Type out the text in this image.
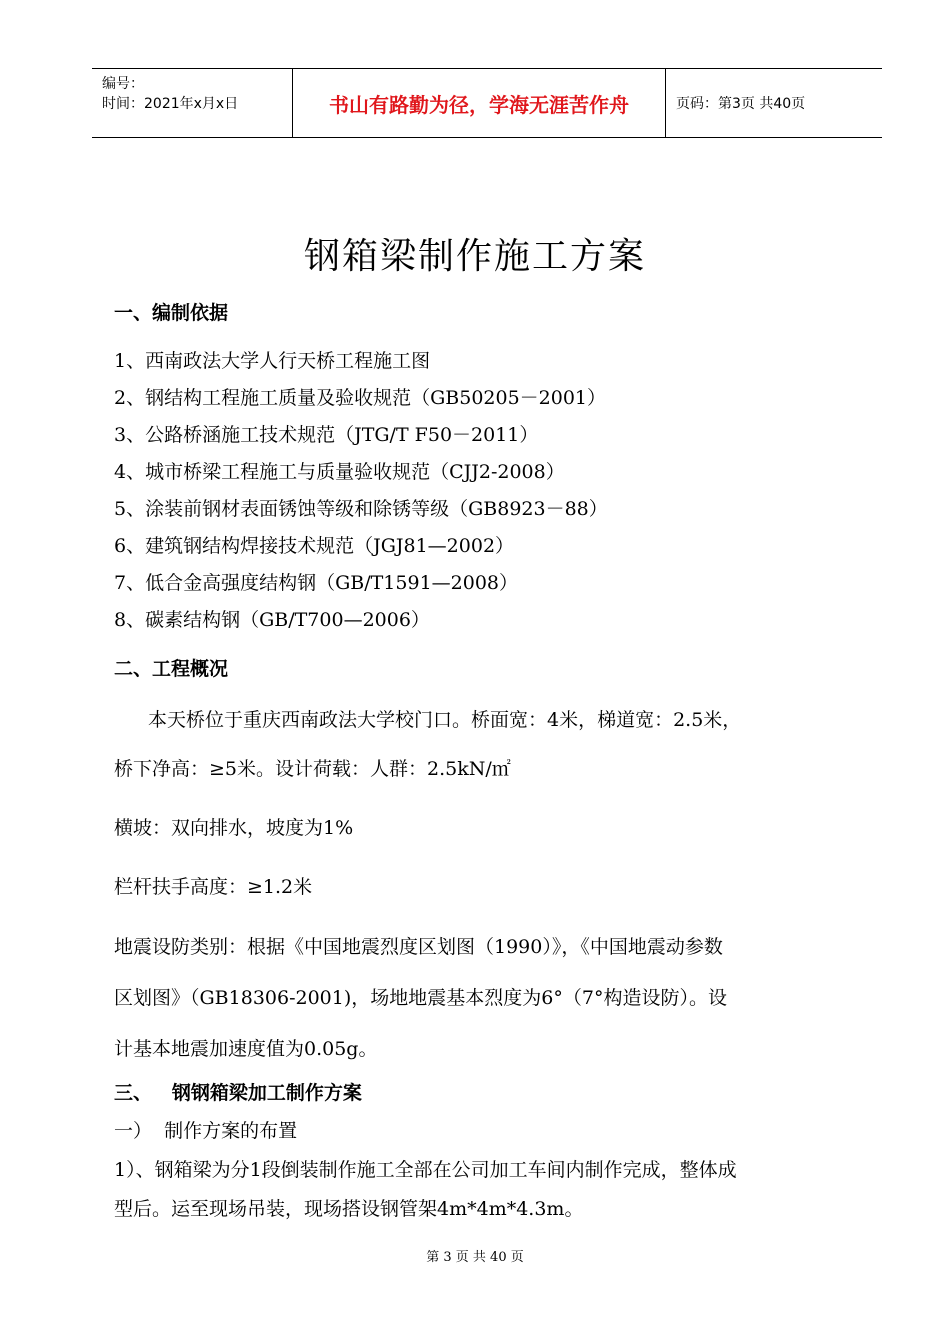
编号：
时间：2021年x月x日	书山有路勤为径，学海无涯苦作舟	页码：第3页 共40页
钢箱梁制作施工方案
一、编制依据
1、西南政法大学人行天桥工程施工图
2、钢结构工程施工质量及验收规范（GB50205－2001）
3、公路桥涵施工技术规范（JTG/T F50－2011）
4、城市桥梁工程施工与质量验收规范（CJJ2-2008）
5、涂装前钢材表面锈蚀等级和除锈等级（GB8923－88）
6、建筑钢结构焊接技术规范（JGJ81—2002）
7、低合金高强度结构钢（GB/T1591—2008）
8、碳素结构钢（GB/T700—2006）
二、工程概况
本天桥位于重庆西南政法大学校门口。桥面宽：4米，梯道宽：2.5米，
桥下净高：≥5米。设计荷载：人群：2.5kN/㎡
横坡：双向排水，坡度为1%
栏杆扶手高度：≥1.2米
地震设防类别：根据《中国地震烈度区划图（1990）》，《中国地震动参数
区划图》（GB18306-2001)，场地地震基本烈度为6°（7°构造设防）。设
计基本地震加速度值为0.05g。
三、   钢钢箱梁加工制作方案
一）  制作方案的布置
1）、钢箱梁为分1段倒装制作施工全部在公司加工车间内制作完成，整体成
型后。运至现场吊装，现场搭设钢管架4m*4m*4.3m。
第 3 页 共 40 页
